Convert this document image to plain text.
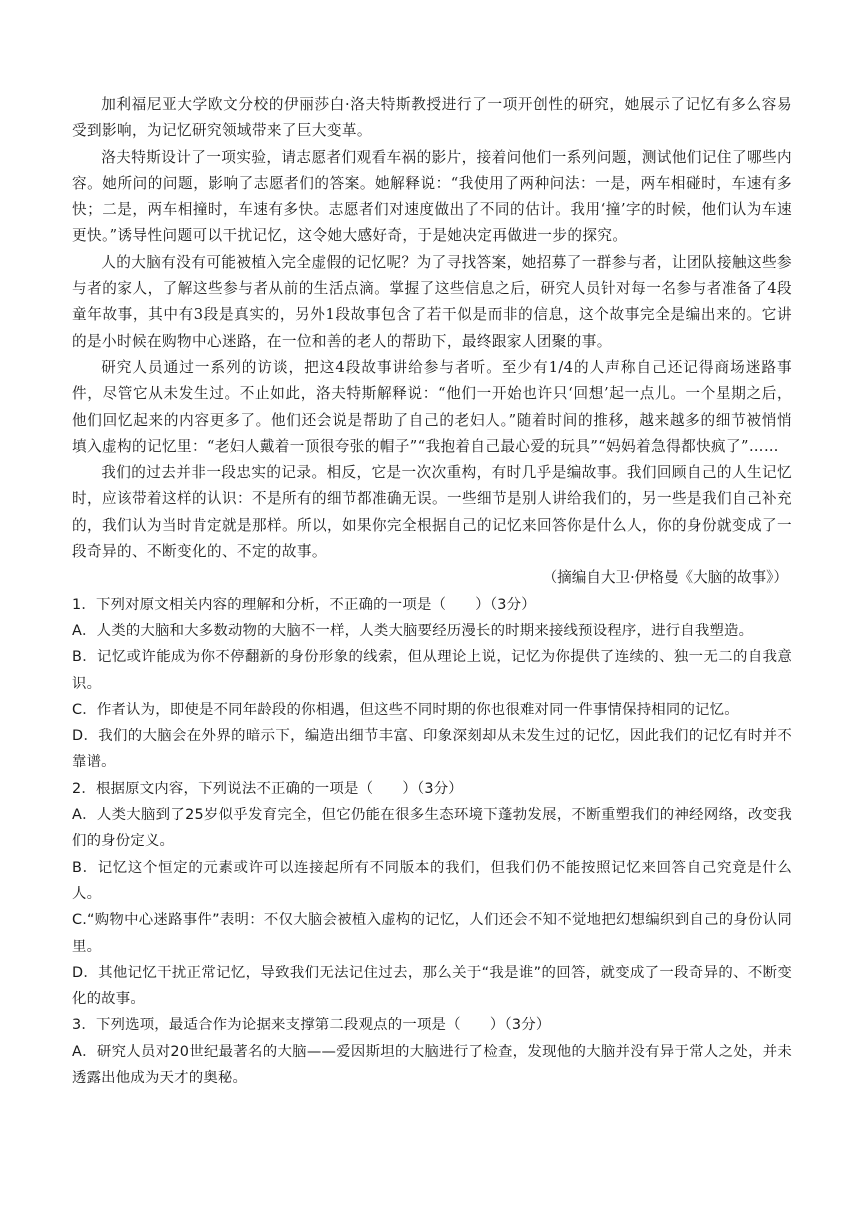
加利福尼亚大学欧文分校的伊丽莎白·洛夫特斯教授进行了一项开创性的研究，她展示了记忆有多么容易受到影响，为记忆研究领域带来了巨大变革。

洛夫特斯设计了一项实验，请志愿者们观看车祸的影片，接着问他们一系列问题，测试他们记住了哪些内容。她所问的问题，影响了志愿者们的答案。她解释说：“我使用了两种问法：一是，两车相碰时，车速有多快；二是，两车相撞时，车速有多快。志愿者们对速度做出了不同的估计。我用‘撞’字的时候，他们认为车速更快。”诱导性问题可以干扰记忆，这令她大感好奇，于是她决定再做进一步的探究。

人的大脑有没有可能被植入完全虚假的记忆呢？为了寻找答案，她招募了一群参与者，让团队接触这些参与者的家人，了解这些参与者从前的生活点滴。掌握了这些信息之后，研究人员针对每一名参与者准备了4段童年故事，其中有3段是真实的，另外1段故事包含了若干似是而非的信息，这个故事完全是编出来的。它讲的是小时候在购物中心迷路，在一位和善的老人的帮助下，最终跟家人团聚的事。

研究人员通过一系列的访谈，把这4段故事讲给参与者听。至少有1/4的人声称自己还记得商场迷路事件，尽管它从未发生过。不止如此，洛夫特斯解释说：“他们一开始也许只‘回想’起一点儿。一个星期之后，他们回忆起来的内容更多了。他们还会说是帮助了自己的老妇人。”随着时间的推移，越来越多的细节被悄悄填入虚构的记忆里：“老妇人戴着一顶很夸张的帽子”“我抱着自己最心爱的玩具”“妈妈着急得都快疯了”……

我们的过去并非一段忠实的记录。相反，它是一次次重构，有时几乎是编故事。我们回顾自己的人生记忆时，应该带着这样的认识：不是所有的细节都准确无误。一些细节是别人讲给我们的，另一些是我们自己补充的，我们认为当时肯定就是那样。所以，如果你完全根据自己的记忆来回答你是什么人，你的身份就变成了一段奇异的、不断变化的、不定的故事。

（摘编自大卫·伊格曼《大脑的故事》）

1．下列对原文相关内容的理解和分析，不正确的一项是（　　）（3分）

A．人类的大脑和大多数动物的大脑不一样，人类大脑要经历漫长的时期来接线预设程序，进行自我塑造。

B．记忆或许能成为你不停翻新的身份形象的线索，但从理论上说，记忆为你提供了连续的、独一无二的自我意识。

C．作者认为，即使是不同年龄段的你相遇，但这些不同时期的你也很难对同一件事情保持相同的记忆。

D．我们的大脑会在外界的暗示下，编造出细节丰富、印象深刻却从未发生过的记忆，因此我们的记忆有时并不靠谱。

2．根据原文内容，下列说法不正确的一项是（　　）（3分）

A．人类大脑到了25岁似乎发育完全，但它仍能在很多生态环境下蓬勃发展，不断重塑我们的神经网络，改变我们的身份定义。

B．记忆这个恒定的元素或许可以连接起所有不同版本的我们，但我们仍不能按照记忆来回答自己究竟是什么人。

C.“购物中心迷路事件”表明：不仅大脑会被植入虚构的记忆，人们还会不知不觉地把幻想编织到自己的身份认同里。

D．其他记忆干扰正常记忆，导致我们无法记住过去，那么关于“我是谁”的回答，就变成了一段奇异的、不断变化的故事。

3．下列选项，最适合作为论据来支撑第二段观点的一项是（　　）（3分）

A．研究人员对20世纪最著名的大脑——爱因斯坦的大脑进行了检查，发现他的大脑并没有异于常人之处，并未透露出他成为天才的奥秘。
